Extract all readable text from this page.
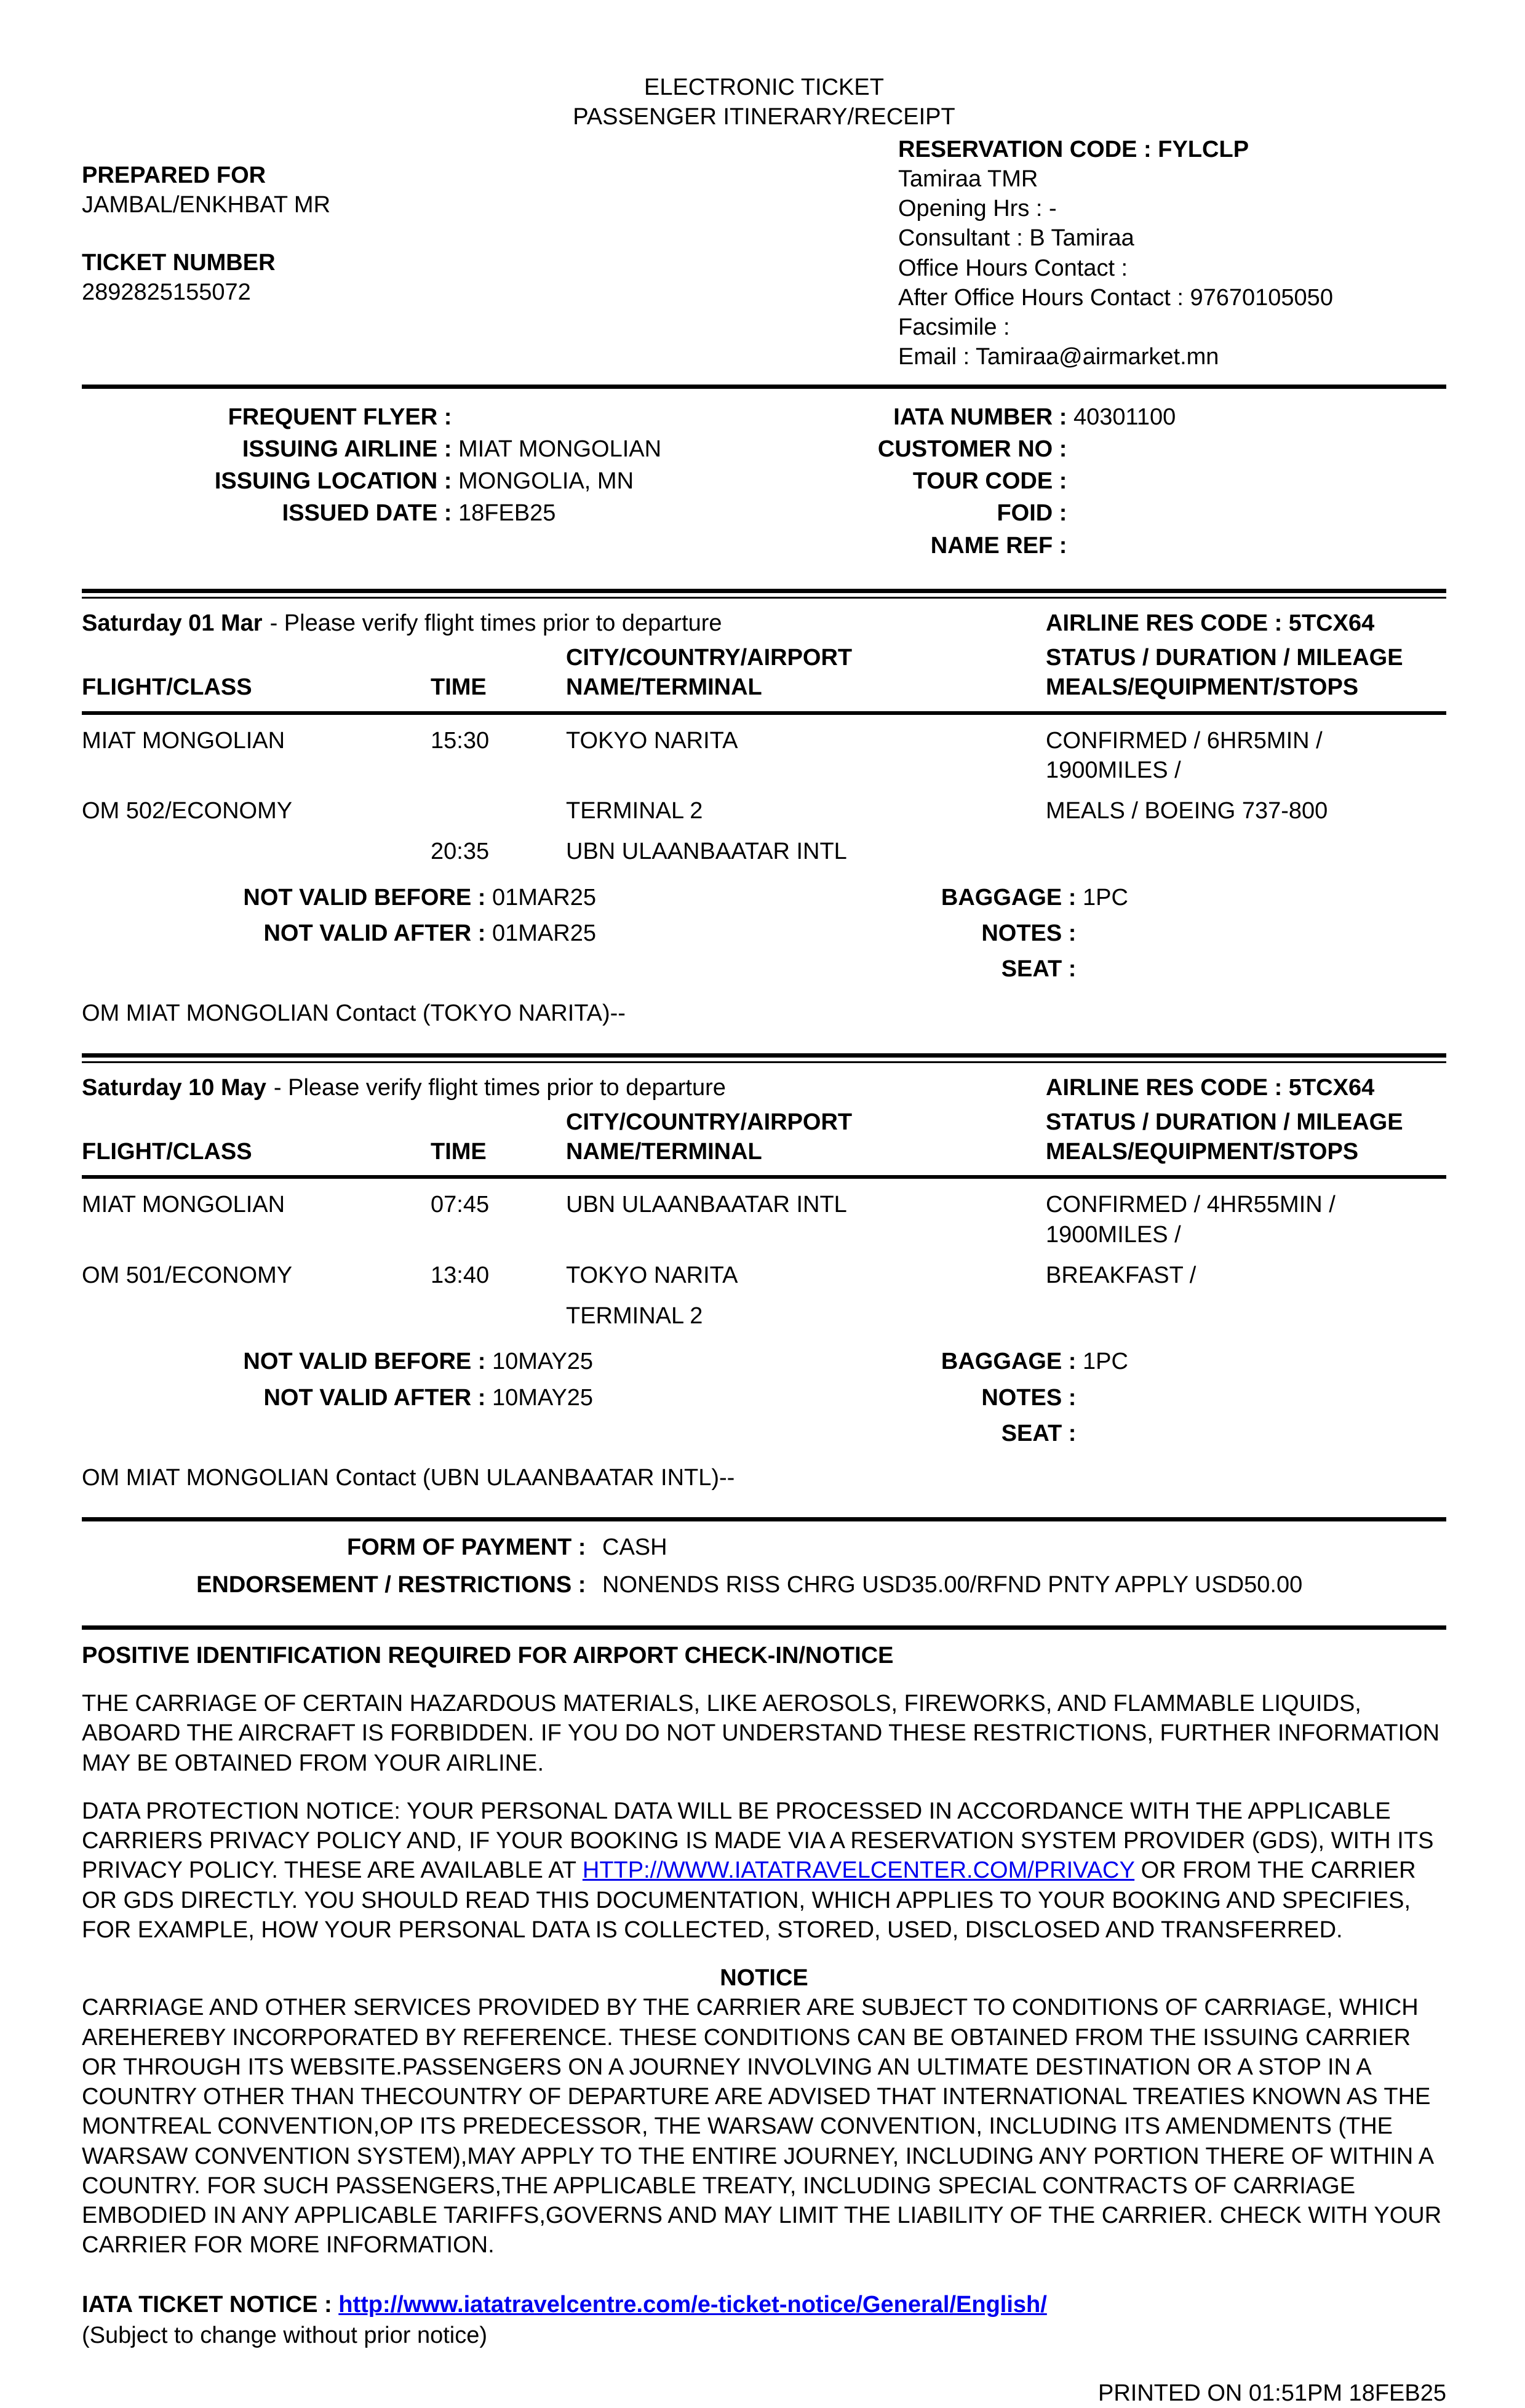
ELECTRONIC TICKET
PASSENGER ITINERARY/RECEIPT
PREPARED FOR
JAMBAL/ENKHBAT MR
TICKET NUMBER
2892825155072
RESERVATION CODE : FYLCLP
Tamiraa TMR
Opening Hrs : -
Consultant : B Tamiraa
Office Hours Contact :
After Office Hours Contact : 97670105050
Facsimile :
Email : Tamiraa@airmarket.mn
FREQUENT FLYER :
ISSUING AIRLINE : MIAT MONGOLIAN
ISSUING LOCATION : MONGOLIA, MN
ISSUED DATE : 18FEB25
IATA NUMBER : 40301100
CUSTOMER NO :
TOUR CODE :
FOID :
NAME REF :
Saturday 01 Mar - Please verify flight times prior to departure	AIRLINE RES CODE : 5TCX64
FLIGHT/CLASS	TIME
CITY/COUNTRY/AIRPORT NAME/TERMINAL
STATUS / DURATION / MILEAGE
MEALS/EQUIPMENT/STOPS
MIAT MONGOLIAN	15:30	TOKYO NARITA	CONFIRMED / 6HR5MIN / 1900MILES /
OM 502/ECONOMY	TERMINAL 2	MEALS / BOEING 737-800
20:35	UBN ULAANBAATAR INTL
NOT VALID BEFORE : 01MAR25	BAGGAGE : 1PC
NOT VALID AFTER : 01MAR25	NOTES :
SEAT :
OM MIAT MONGOLIAN Contact (TOKYO NARITA)--
Saturday 10 May - Please verify flight times prior to departure	AIRLINE RES CODE : 5TCX64
FLIGHT/CLASS	TIME
CITY/COUNTRY/AIRPORT NAME/TERMINAL
STATUS / DURATION / MILEAGE
MEALS/EQUIPMENT/STOPS
MIAT MONGOLIAN	07:45	UBN ULAANBAATAR INTL	CONFIRMED / 4HR55MIN / 1900MILES /
OM 501/ECONOMY	13:40	TOKYO NARITA	BREAKFAST /
TERMINAL 2
NOT VALID BEFORE : 10MAY25	BAGGAGE : 1PC
NOT VALID AFTER : 10MAY25	NOTES :
SEAT :
OM MIAT MONGOLIAN Contact (UBN ULAANBAATAR INTL)--
FORM OF PAYMENT : CASH
ENDORSEMENT / RESTRICTIONS : NONENDS RISS CHRG USD35.00/RFND PNTY APPLY USD50.00

POSITIVE IDENTIFICATION REQUIRED FOR AIRPORT CHECK-IN/NOTICE

THE CARRIAGE OF CERTAIN HAZARDOUS MATERIALS, LIKE AEROSOLS, FIREWORKS, AND FLAMMABLE LIQUIDS, ABOARD THE AIRCRAFT IS FORBIDDEN. IF YOU DO NOT UNDERSTAND THESE RESTRICTIONS, FURTHER INFORMATION MAY BE OBTAINED FROM YOUR AIRLINE.

DATA PROTECTION NOTICE: YOUR PERSONAL DATA WILL BE PROCESSED IN ACCORDANCE WITH THE APPLICABLE CARRIERS PRIVACY POLICY AND, IF YOUR BOOKING IS MADE VIA A RESERVATION SYSTEM PROVIDER (GDS), WITH ITS PRIVACY POLICY. THESE ARE AVAILABLE AT HTTP://WWW.IATATRAVELCENTER.COM/PRIVACY OR FROM THE CARRIER OR GDS DIRECTLY. YOU SHOULD READ THIS DOCUMENTATION, WHICH APPLIES TO YOUR BOOKING AND SPECIFIES, FOR EXAMPLE, HOW YOUR PERSONAL DATA IS COLLECTED, STORED, USED, DISCLOSED AND TRANSFERRED.

NOTICE

CARRIAGE AND OTHER SERVICES PROVIDED BY THE CARRIER ARE SUBJECT TO CONDITIONS OF CARRIAGE, WHICH AREHEREBY INCORPORATED BY REFERENCE. THESE CONDITIONS CAN BE OBTAINED FROM THE ISSUING CARRIER OR THROUGH ITS WEBSITE.PASSENGERS ON A JOURNEY INVOLVING AN ULTIMATE DESTINATION OR A STOP IN A COUNTRY OTHER THAN THECOUNTRY OF DEPARTURE ARE ADVISED THAT INTERNATIONAL TREATIES KNOWN AS THE MONTREAL CONVENTION,OP ITS PREDECESSOR, THE WARSAW CONVENTION, INCLUDING ITS AMENDMENTS (THE WARSAW CONVENTION SYSTEM),MAY APPLY TO THE ENTIRE JOURNEY, INCLUDING ANY PORTION THERE OF WITHIN A COUNTRY. FOR SUCH PASSENGERS,THE APPLICABLE TREATY, INCLUDING SPECIAL CONTRACTS OF CARRIAGE EMBODIED IN ANY APPLICABLE TARIFFS,GOVERNS AND MAY LIMIT THE LIABILITY OF THE CARRIER. CHECK WITH YOUR CARRIER FOR MORE INFORMATION.

IATA TICKET NOTICE : http://www.iatatravelcentre.com/e-ticket-notice/General/English/
(Subject to change without prior notice)
PRINTED ON 01:51PM 18FEB25
